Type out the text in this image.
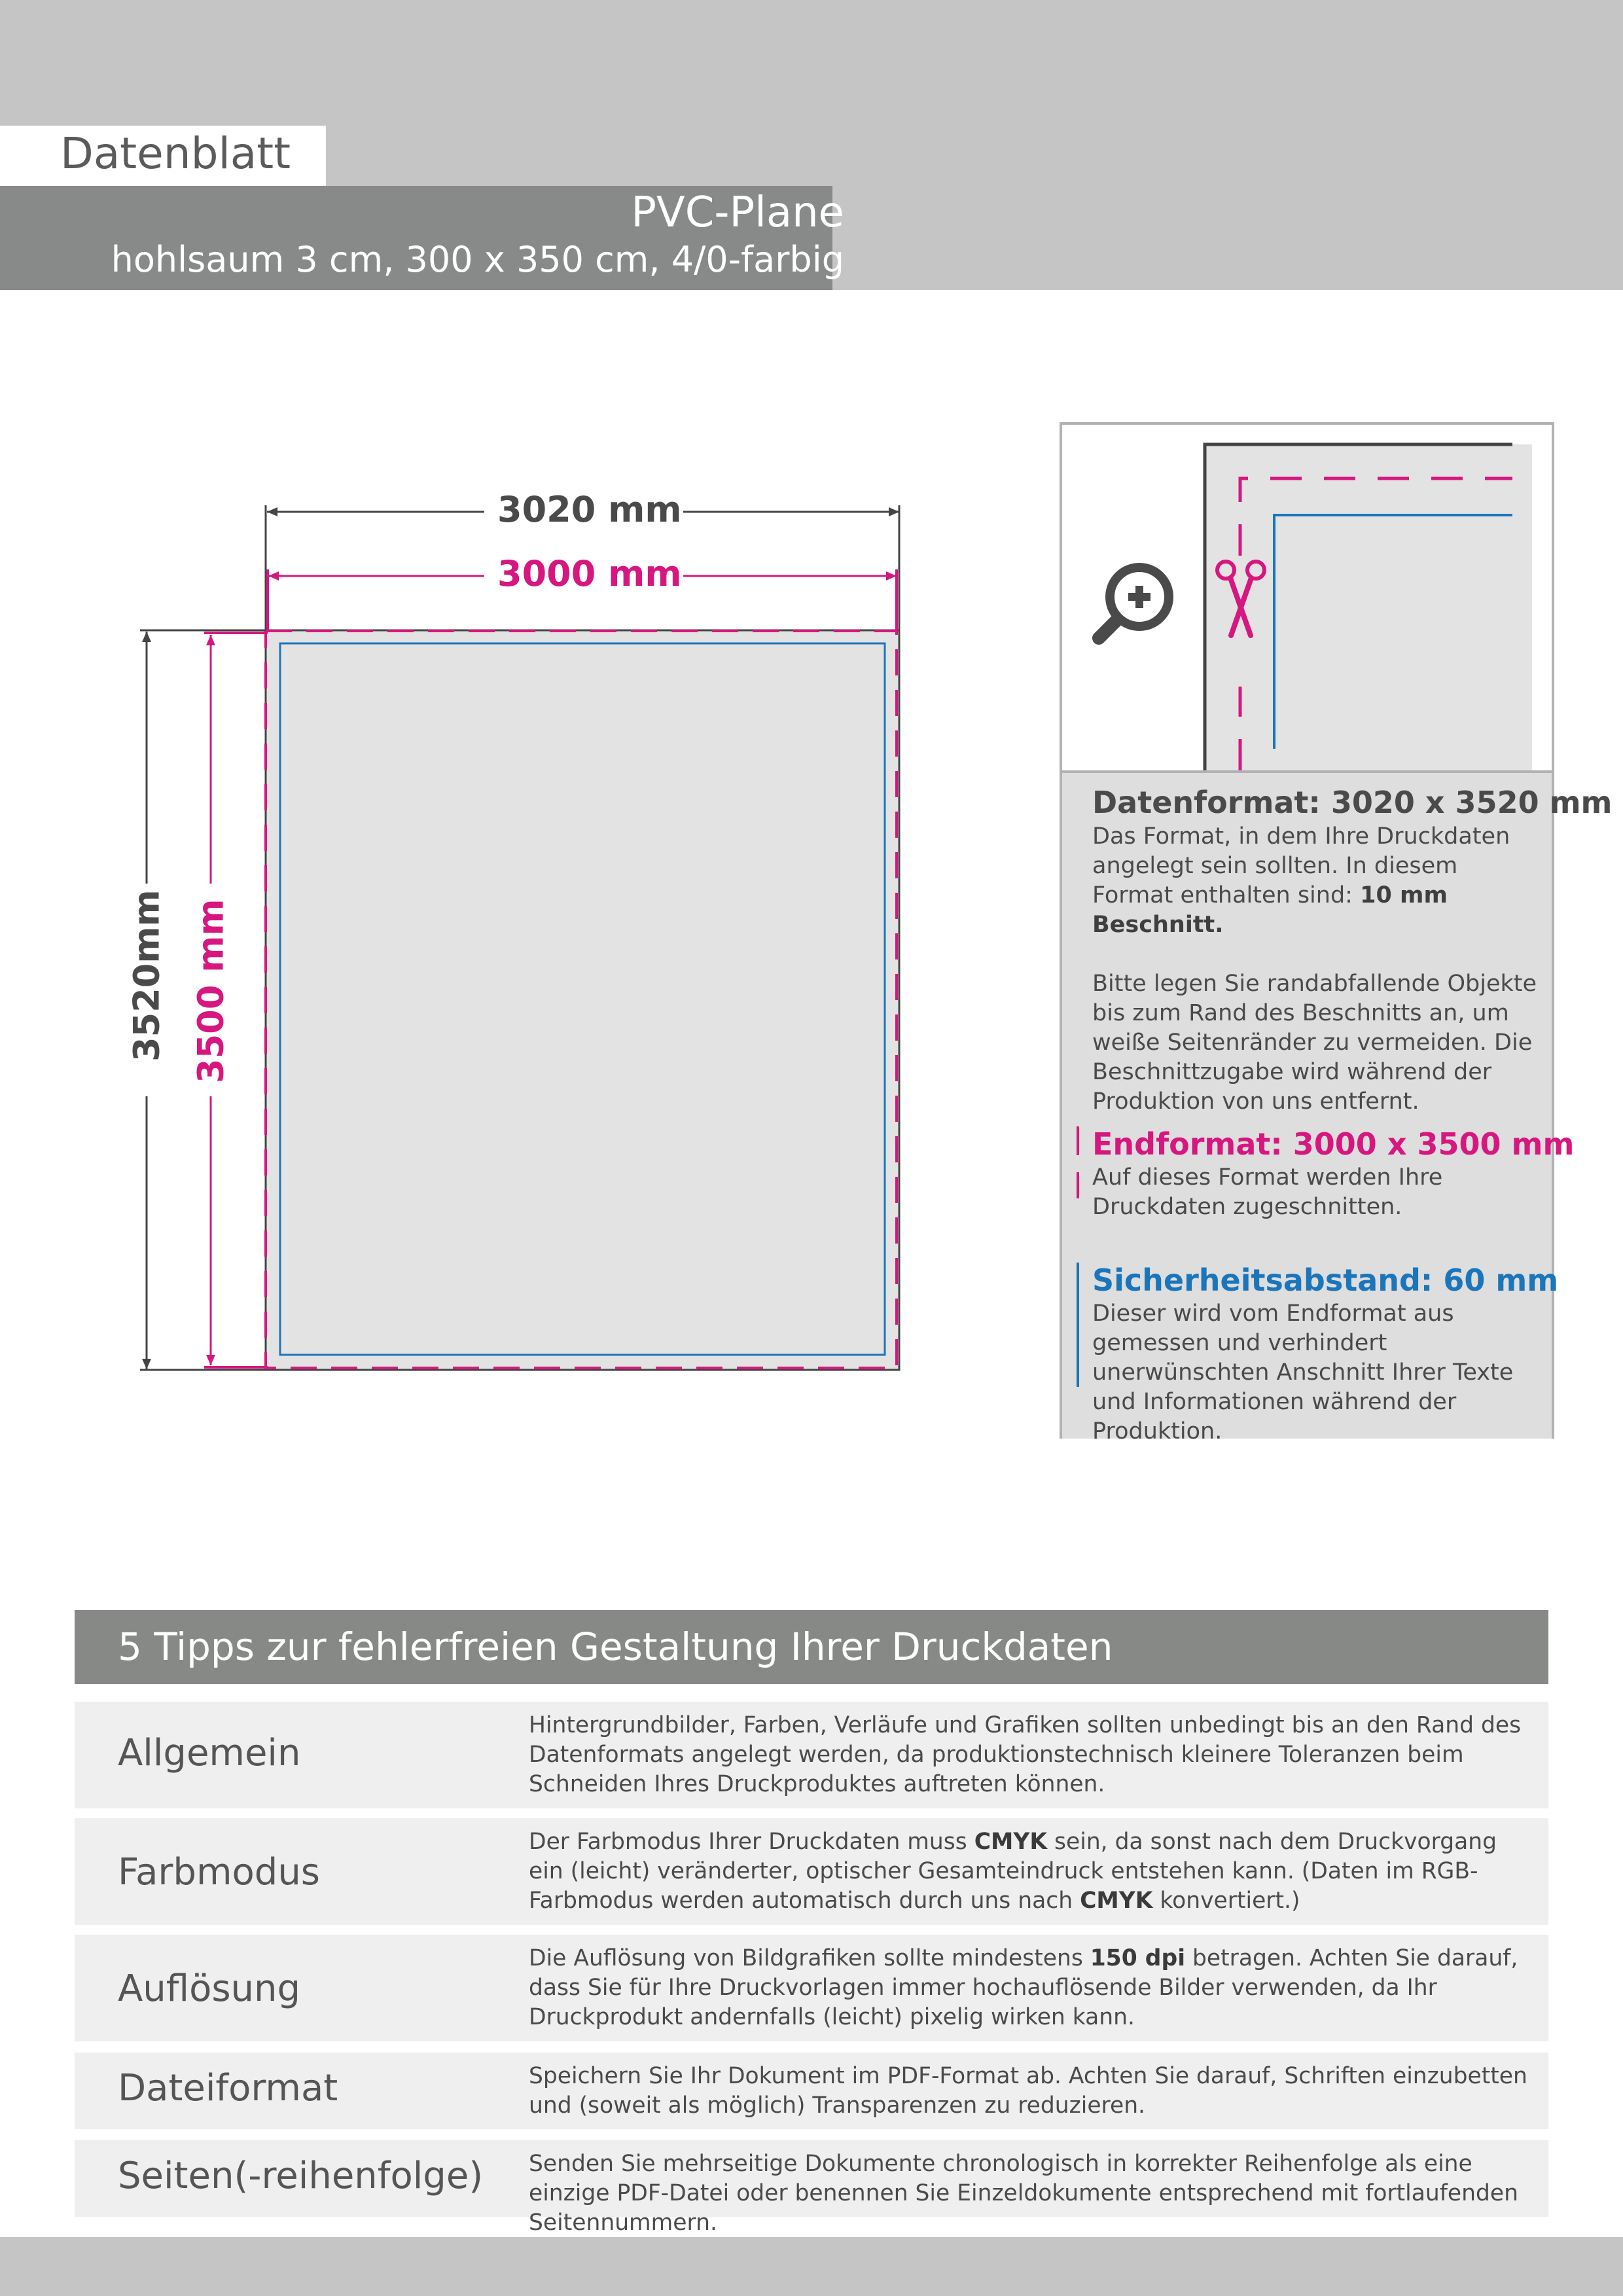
Datenblatt
PVC-Plane
hohlsaum 3 cm, 300 x 350 cm, 4/0-farbig
3020 mm
3000 mm
3520mm 3500 mm
Datenformat: 3020 x 3520 mm
Das Format, in dem Ihre Druckdaten angelegt sein sollten. In diesem Format enthalten sind: 10 mm Beschnitt.
Bitte legen Sie randabfallende Objekte bis zum Rand des Beschnitts an, um weiße Seitenränder zu vermeiden. Die Beschnittzugabe wird während der Produktion von uns entfernt.
Endformat: 3000 x 3500 mm
Auf dieses Format werden Ihre Druckdaten zugeschnitten.
Sicherheitsabstand: 60 mm
Dieser wird vom Endformat aus gemessen und verhindert unerwünschten Anschnitt Ihrer Texte und Informationen während der Produktion.
5 Tipps zur fehlerfreien Gestaltung Ihrer Druckdaten
Allgemein
Hintergrundbilder, Farben, Verläufe und Grafiken sollten unbedingt bis an den Rand des Datenformats angelegt werden, da produktionstechnisch kleinere Toleranzen beim Schneiden Ihres Druckproduktes auftreten können.
Farbmodus
Der Farbmodus Ihrer Druckdaten muss CMYK sein, da sonst nach dem Druckvorgang ein (leicht) veränderter, optischer Gesamteindruck entstehen kann. (Daten im RGB-Farbmodus werden automatisch durch uns nach CMYK konvertiert.)
Auflösung
Die Auflösung von Bildgrafiken sollte mindestens 150 dpi betragen. Achten Sie darauf, dass Sie für Ihre Druckvorlagen immer hochauflösende Bilder verwenden, da Ihr Druckprodukt andernfalls (leicht) pixelig wirken kann.
Dateiformat	Speichern Sie Ihr Dokument im PDF-Format ab. Achten Sie darauf, Schriften einzubetten und (soweit als möglich) Transparenzen zu reduzieren.
Seiten(-reihenfolge) Senden Sie mehrseitige Dokumente chronologisch in korrekter Reihenfolge als eine einzige PDF-Datei oder benennen Sie Einzeldokumente entsprechend mit fortlaufenden Seitennummern.
